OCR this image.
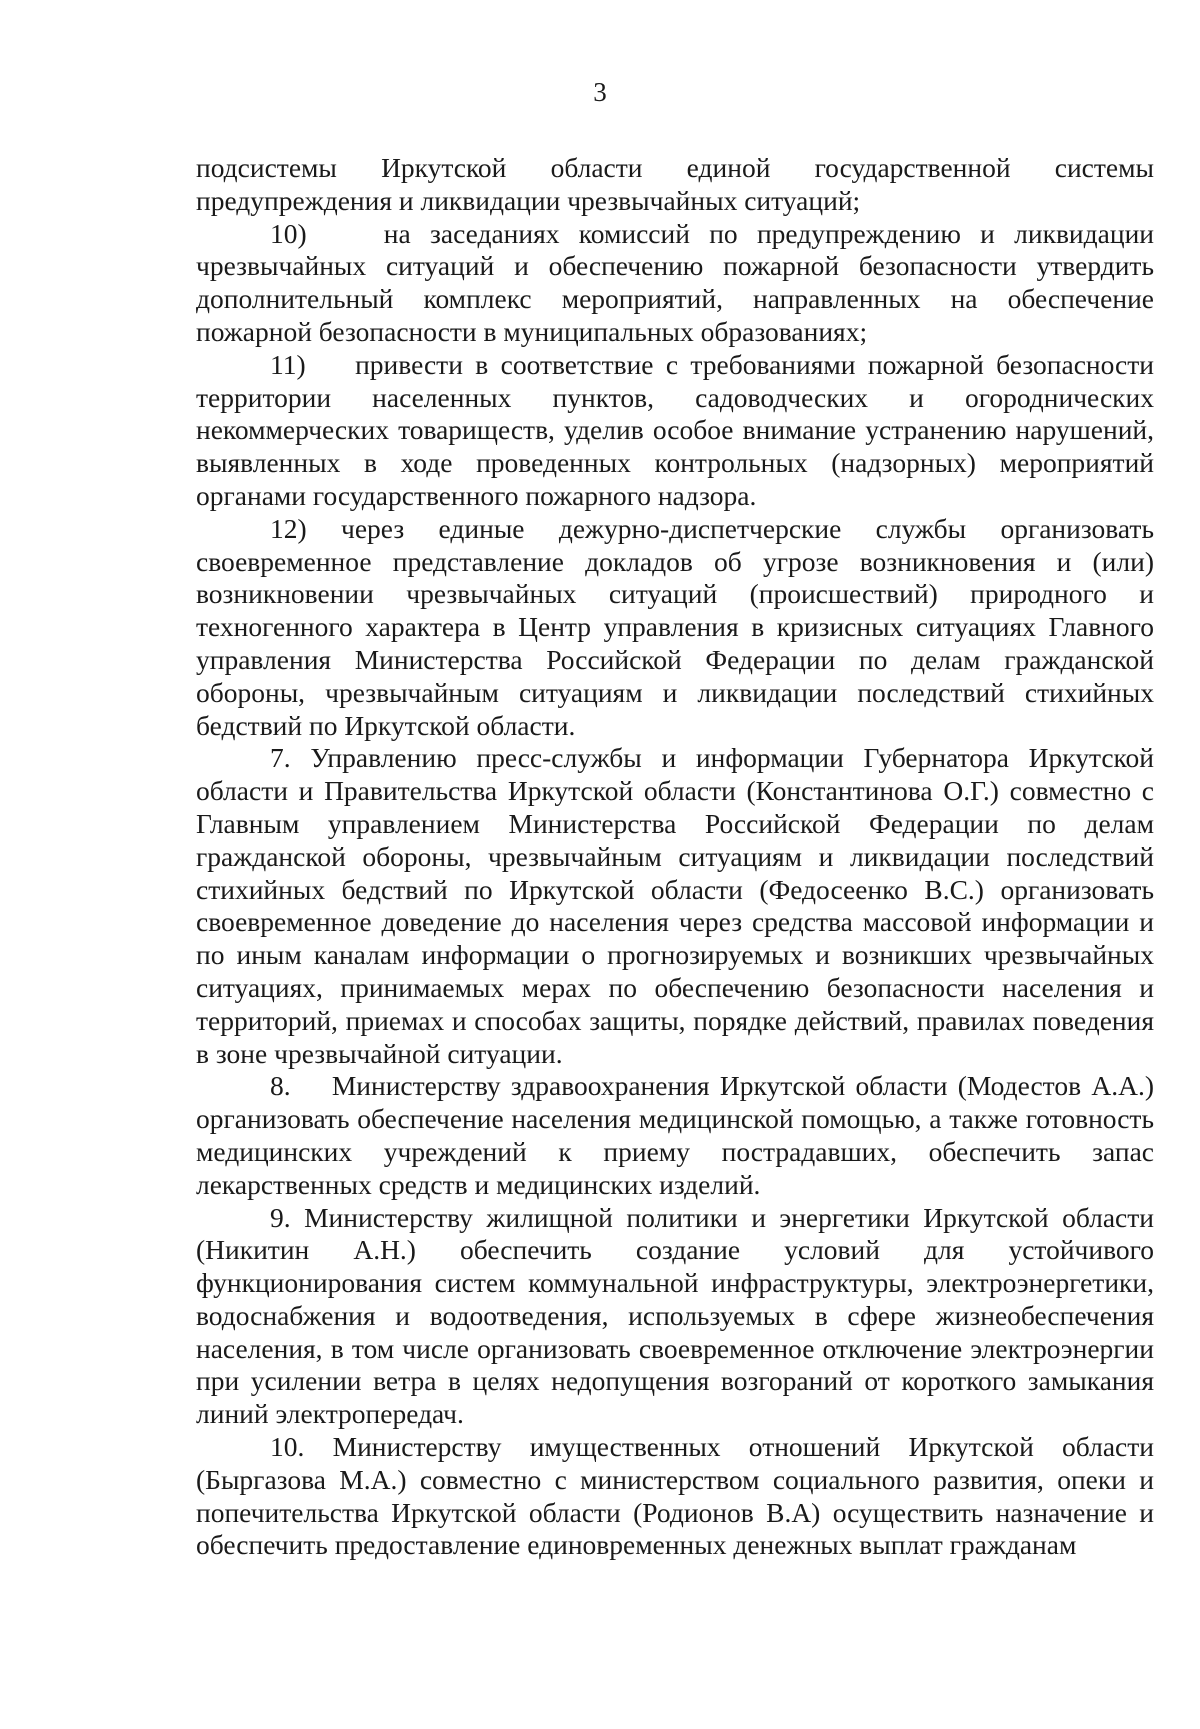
3

подсистемы Иркутской области единой государственной системы предупреждения и ликвидации чрезвычайных ситуаций;

10)    на заседаниях комиссий по предупреждению и ликвидации чрезвычайных ситуаций и обеспечению пожарной безопасности утвердить дополнительный комплекс мероприятий, направленных на обеспечение пожарной безопасности в муниципальных образованиях;

11)    привести в соответствие с требованиями пожарной безопасности территории населенных пунктов, садоводческих и огороднических некоммерческих товариществ, уделив особое внимание устранению нарушений, выявленных в ходе проведенных контрольных (надзорных) мероприятий органами государственного пожарного надзора.

12) через единые дежурно-диспетчерские службы организовать своевременное представление докладов об угрозе возникновения и (или) возникновении чрезвычайных ситуаций (происшествий) природного и техногенного характера в Центр управления в кризисных ситуациях Главного управления Министерства Российской Федерации по делам гражданской обороны, чрезвычайным ситуациям и ликвидации последствий стихийных бедствий по Иркутской области.

7. Управлению пресс-службы и информации Губернатора Иркутской области и Правительства Иркутской области (Константинова О.Г.) совместно с Главным управлением Министерства Российской Федерации по делам гражданской обороны, чрезвычайным ситуациям и ликвидации последствий стихийных бедствий по Иркутской области (Федосеенко В.С.) организовать своевременное доведение до населения через средства массовой информации и по иным каналам информации о прогнозируемых и возникших чрезвычайных ситуациях, принимаемых мерах по обеспечению безопасности населения и территорий, приемах и способах защиты, порядке действий, правилах поведения в зоне чрезвычайной ситуации.

8.    Министерству здравоохранения Иркутской области (Модестов А.А.) организовать обеспечение населения медицинской помощью, а также готовность медицинских учреждений к приему пострадавших, обеспечить запас лекарственных средств и медицинских изделий.

9. Министерству жилищной политики и энергетики Иркутской области (Никитин А.Н.) обеспечить создание условий для устойчивого функционирования систем коммунальной инфраструктуры, электроэнергетики, водоснабжения и водоотведения, используемых в сфере жизнеобеспечения населения, в том числе организовать своевременное отключение электроэнергии при усилении ветра в целях недопущения возгораний от короткого замыкания линий электропередач.

10. Министерству имущественных отношений Иркутской области (Быргазова М.А.) совместно с министерством социального развития, опеки и попечительства Иркутской области (Родионов В.А) осуществить назначение и обеспечить предоставление единовременных денежных выплат гражданам
